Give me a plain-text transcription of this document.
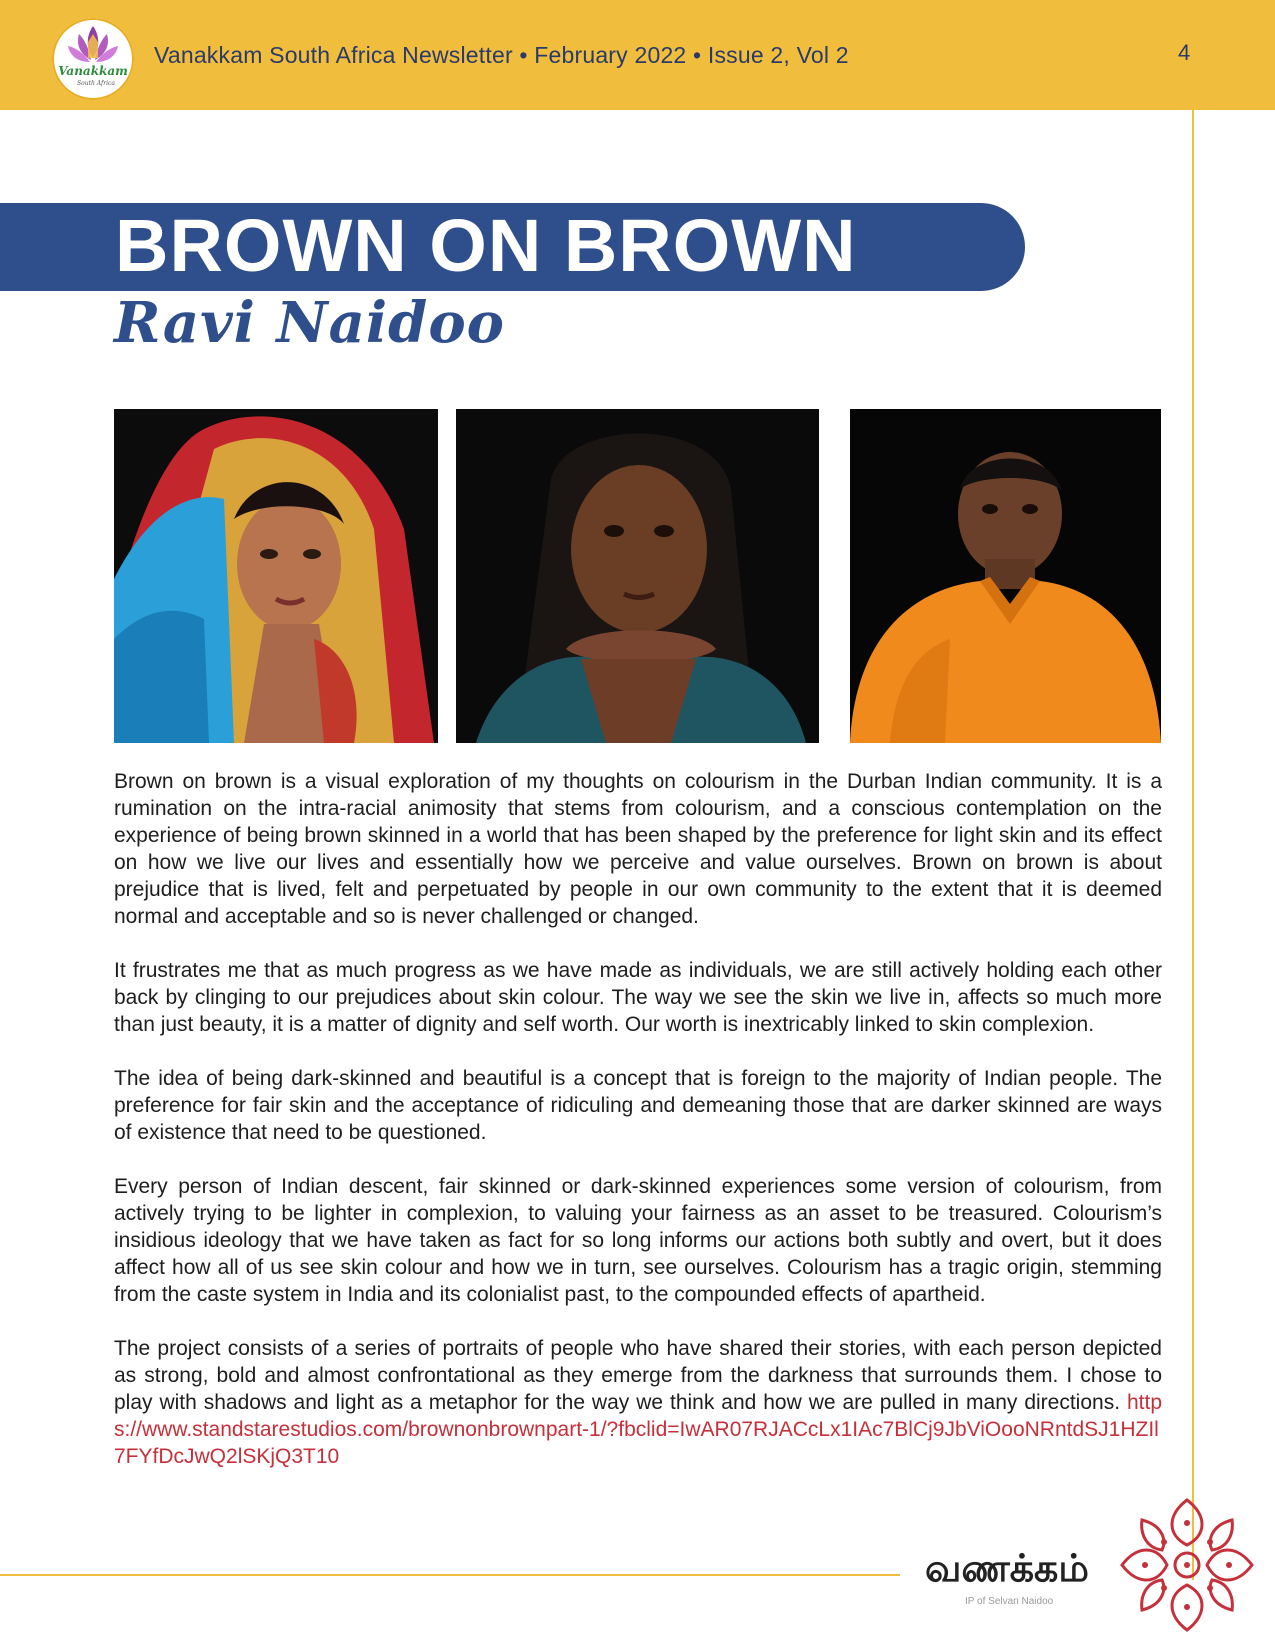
Vanakkam
South Africa
Vanakkam South Africa Newsletter • February 2022 • Issue 2, Vol 2	4
BROWN ON BROWN
Ravi Naidoo

Brown on brown is a visual exploration of my thoughts on colourism in the Durban Indian community. It is a rumination on the intra-racial animosity that stems from colourism, and a conscious contemplation on the experience of being brown skinned in a world that has been shaped by the preference for light skin and its effect on how we live our lives and essentially how we perceive and value ourselves. Brown on brown is about prejudice that is lived, felt and perpetuated by people in our own community to the extent that it is deemed normal and acceptable and so is never challenged or changed.

It frustrates me that as much progress as we have made as individuals, we are still actively holding each other back by clinging to our prejudices about skin colour. The way we see the skin we live in, affects so much more than just beauty, it is a matter of dignity and self worth. Our worth is inextricably linked to skin complexion.

The idea of being dark-skinned and beautiful is a concept that is foreign to the majority of Indian people. The preference for fair skin and the acceptance of ridiculing and demeaning those that are darker skinned are ways of existence that need to be questioned.

Every person of Indian descent, fair skinned or dark-skinned experiences some version of colourism, from actively trying to be lighter in complexion, to valuing your fairness as an asset to be treasured. Colourism’s insidious ideology that we have taken as fact for so long informs our actions both subtly and overt, but it does affect how all of us see skin colour and how we in turn, see ourselves. Colourism has a tragic origin, stemming from the caste system in India and its colonialist past, to the compounded effects of apartheid.

The project consists of a series of portraits of people who have shared their stories, with each person depicted as strong, bold and almost confrontational as they emerge from the darkness that surrounds them. I chose to play with shadows and light as a metaphor for the way we think and how we are pulled in many directions. https://www.standstarestudios.com/brownonbrownpart-1/?fbclid=IwAR07RJACcLx1IAc7BlCj9JbViOooNRntdSJ1HZIl7FYfDcJwQ2lSKjQ3T10

வணக்கம்
IP of Selvan Naidoo
